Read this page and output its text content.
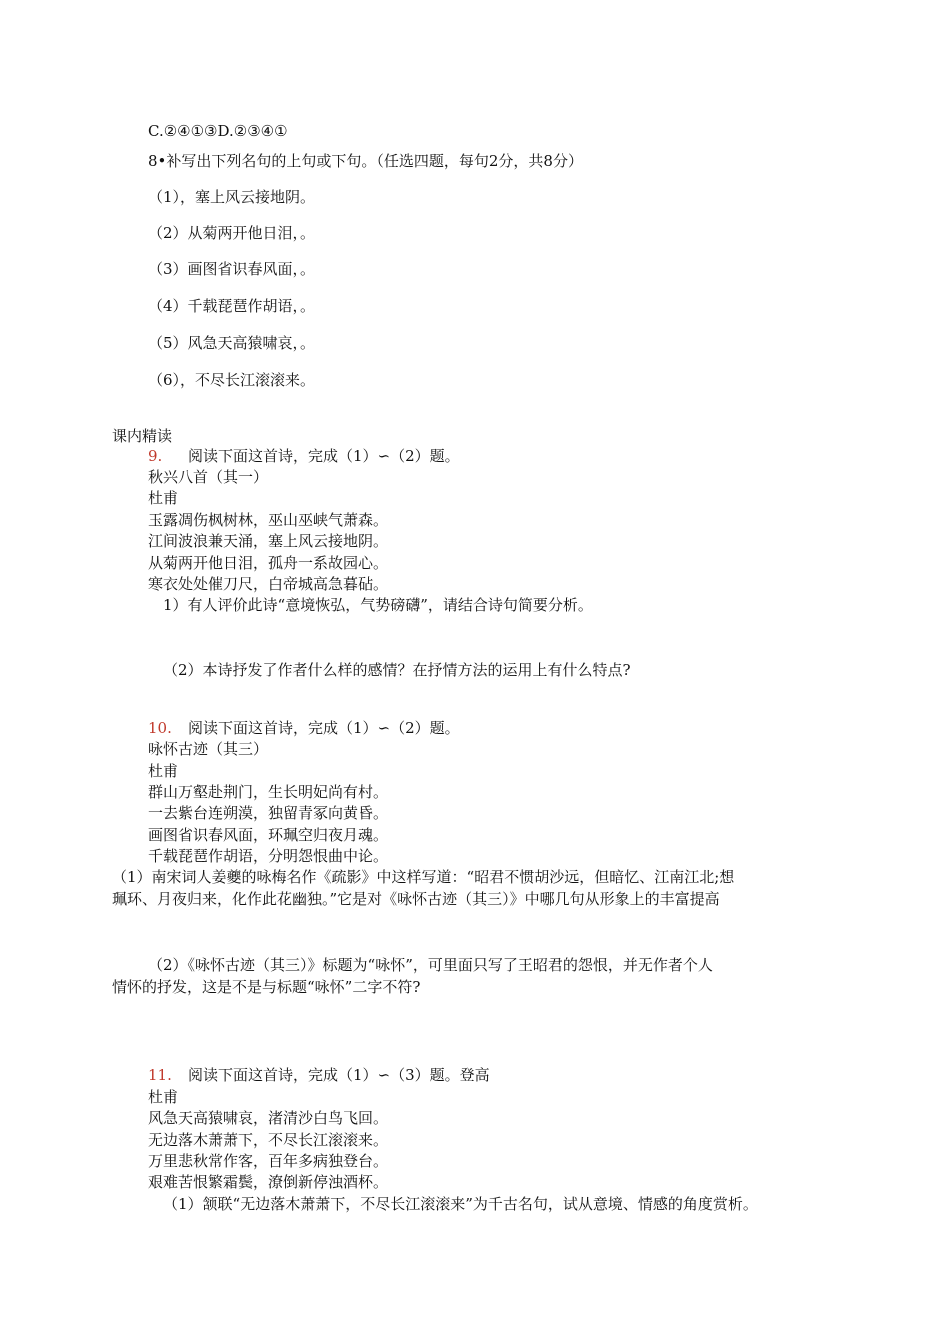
C.②④①③D.②③④①
8•补写出下列名句的上句或下句。（任选四题，每句2分，共8分）
（1），塞上风云接地阴。
（2）从菊两开他日泪，。
（3）画图省识春风面，。
（4）千载琵琶作胡语，。
（5）风急天高猿啸哀，。
（6），不尽长江滚滚来。
课内精读
9. 阅读下面这首诗，完成（1）∽（2）题。
秋兴八首（其一）
杜甫
玉露凋伤枫树林，巫山巫峡气萧森。
江间波浪兼天涌，塞上风云接地阴。
从菊两开他日泪，孤舟一系故园心。
寒衣处处催刀尺，白帝城高急暮砧。
1）有人评价此诗“意境恢弘，气势磅礴”，请结合诗句简要分析。
（2）本诗抒发了作者什么样的感情？在抒情方法的运用上有什么特点?
10. 阅读下面这首诗，完成（1）∽（2）题。
咏怀古迹（其三）
杜甫
群山万壑赴荆门，生长明妃尚有村。
一去紫台连朔漠，独留青冢向黄昏。
画图省识春风面，环珮空归夜月魂。
千载琵琶作胡语，分明怨恨曲中论。
（1）南宋词人姜夔的咏梅名作《疏影》中这样写道：“昭君不惯胡沙远，但暗忆、江南江北;想
珮环、月夜归来，化作此花幽独。”它是对《咏怀古迹（其三）》中哪几句从形象上的丰富提高
（2）《咏怀古迹（其三）》标题为“咏怀”，可里面只写了王昭君的怨恨，并无作者个人
情怀的抒发，这是不是与标题“咏怀”二字不符?
11. 阅读下面这首诗，完成（1）∽（3）题。登高
杜甫
风急天高猿啸哀，渚清沙白鸟飞回。
无边落木萧萧下，不尽长江滚滚来。
万里悲秋常作客，百年多病独登台。
艰难苦恨繁霜鬓，潦倒新停浊酒杯。
（1）颔联“无边落木萧萧下，不尽长江滚滚来”为千古名句，试从意境、情感的角度赏析。
